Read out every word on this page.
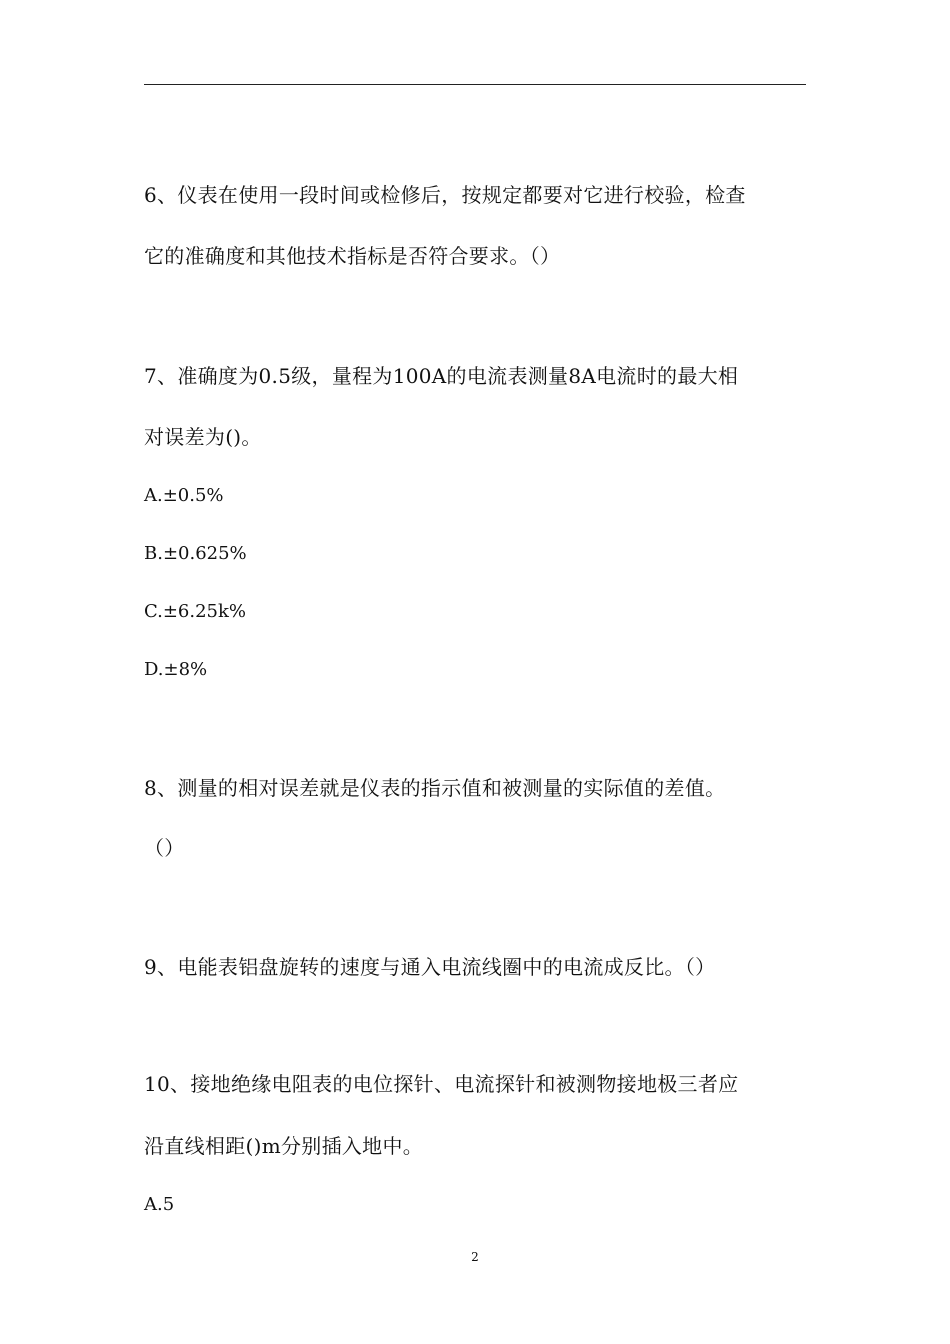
6、仪表在使用一段时间或检修后，按规定都要对它进行校验，检查
它的准确度和其他技术指标是否符合要求。（）
7、准确度为0.5级，量程为100A的电流表测量8A电流时的最大相
对误差为()。
A.±0.5%
B.±0.625%
C.±6.25k%
D.±8%
8、测量的相对误差就是仪表的指示值和被测量的实际值的差值。
（）
9、电能表铝盘旋转的速度与通入电流线圈中的电流成反比。（）
10、接地绝缘电阻表的电位探针、电流探针和被测物接地极三者应
沿直线相距()m分别插入地中。
A.5
2
